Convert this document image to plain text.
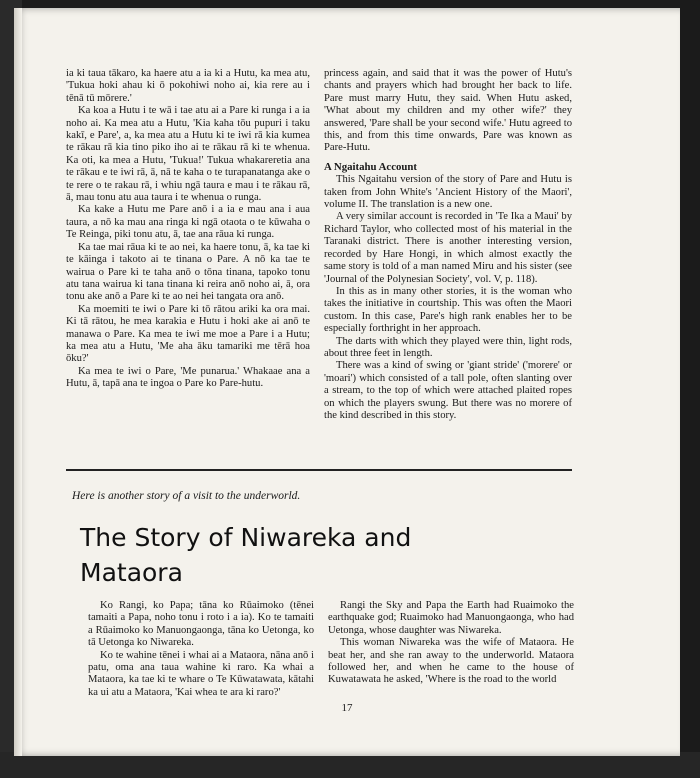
ia ki taua tākaro, ka haere atu a ia ki a Hutu, ka mea atu, 'Tukua hoki ahau ki ō pokohiwi noho ai, kia rere au i tēnā tū mōrere.'

Ka koa a Hutu i te wā i tae atu ai a Pare ki runga i a ia noho ai. Ka mea atu a Hutu, 'Kia kaha tōu pupuri i taku kakī, e Pare', a, ka mea atu a Hutu ki te iwi rā kia kumea te rākau rā kia tino piko iho ai te rākau rā ki te whenua. Ka oti, ka mea a Hutu, 'Tukua!' Tukua whakareretia ana te rākau e te iwi rā, ā, nā te kaha o te turapanatanga ake o te rere o te rakau rā, i whiu ngā taura e mau i te rākau rā, ā, mau tonu atu aua taura i te whenua o runga.

Ka kake a Hutu me Pare anō i a ia e mau ana i aua taura, a nō ka mau ana ringa ki ngā otaota o te kūwaha o Te Reinga, piki tonu atu, ā, tae ana rāua ki runga.

Ka tae mai rāua ki te ao nei, ka haere tonu, ā, ka tae ki te kāinga i takoto ai te tinana o Pare. A nō ka tae te wairua o Pare ki te taha anō o tōna tinana, tapoko tonu atu tana wairua ki tana tinana ki reira anō noho ai, ā, ora tonu ake anō a Pare ki te ao nei hei tangata ora anō.

Ka moemiti te iwi o Pare ki tō rātou ariki ka ora mai. Ki tā rātou, he mea karakia e Hutu i hoki ake ai anō te manawa o Pare. Ka mea te iwi me moe a Pare i a Hutu; ka mea atu a Hutu, 'Me aha āku tamariki me tērā hoa ōku?'

Ka mea te iwi o Pare, 'Me punarua.' Whakaae ana a Hutu, ā, tapā ana te ingoa o Pare ko Pare-hutu.

princess again, and said that it was the power of Hutu's chants and prayers which had brought her back to life. Pare must marry Hutu, they said. When Hutu asked, 'What about my children and my other wife?' they answered, 'Pare shall be your second wife.' Hutu agreed to this, and from this time onwards, Pare was known as Pare-Hutu.

A Ngaitahu Account

This Ngaitahu version of the story of Pare and Hutu is taken from John White's 'Ancient History of the Maori', volume II. The translation is a new one.

A very similar account is recorded in 'Te Ika a Maui' by Richard Taylor, who collected most of his material in the Taranaki district. There is another interesting version, recorded by Hare Hongi, in which almost exactly the same story is told of a man named Miru and his sister (see 'Journal of the Polynesian Society', vol. V, p. 118).

In this as in many other stories, it is the woman who takes the initiative in courtship. This was often the Maori custom. In this case, Pare's high rank enables her to be especially forthright in her approach.

The darts with which they played were thin, light rods, about three feet in length.

There was a kind of swing or 'giant stride' ('morere' or 'moari') which consisted of a tall pole, often slanting over a stream, to the top of which were attached plaited ropes on which the players swung. But there was no morere of the kind described in this story.

Here is another story of a visit to the underworld.
The Story of Niwareka and
Mataora

Ko Rangi, ko Papa; tāna ko Rūaimoko (tēnei tamaiti a Papa, noho tonu i roto i a ia). Ko te tamaiti a Rūaimoko ko Manuongaonga, tāna ko Uetonga, ko tā Uetonga ko Niwareka.

Ko te wahine tēnei i whai ai a Mataora, nāna anō i patu, oma ana taua wahine ki raro. Ka whai a Mataora, ka tae ki te whare o Te Kūwatawata, kātahi ka ui atu a Mataora, 'Kai whea te ara ki raro?'

Rangi the Sky and Papa the Earth had Ruaimoko the earthquake god; Ruaimoko had Manuongaonga, who had Uetonga, whose daughter was Niwareka.

This woman Niwareka was the wife of Mataora. He beat her, and she ran away to the underworld. Mataora followed her, and when he came to the house of Kuwatawata he asked, 'Where is the road to the world

17
